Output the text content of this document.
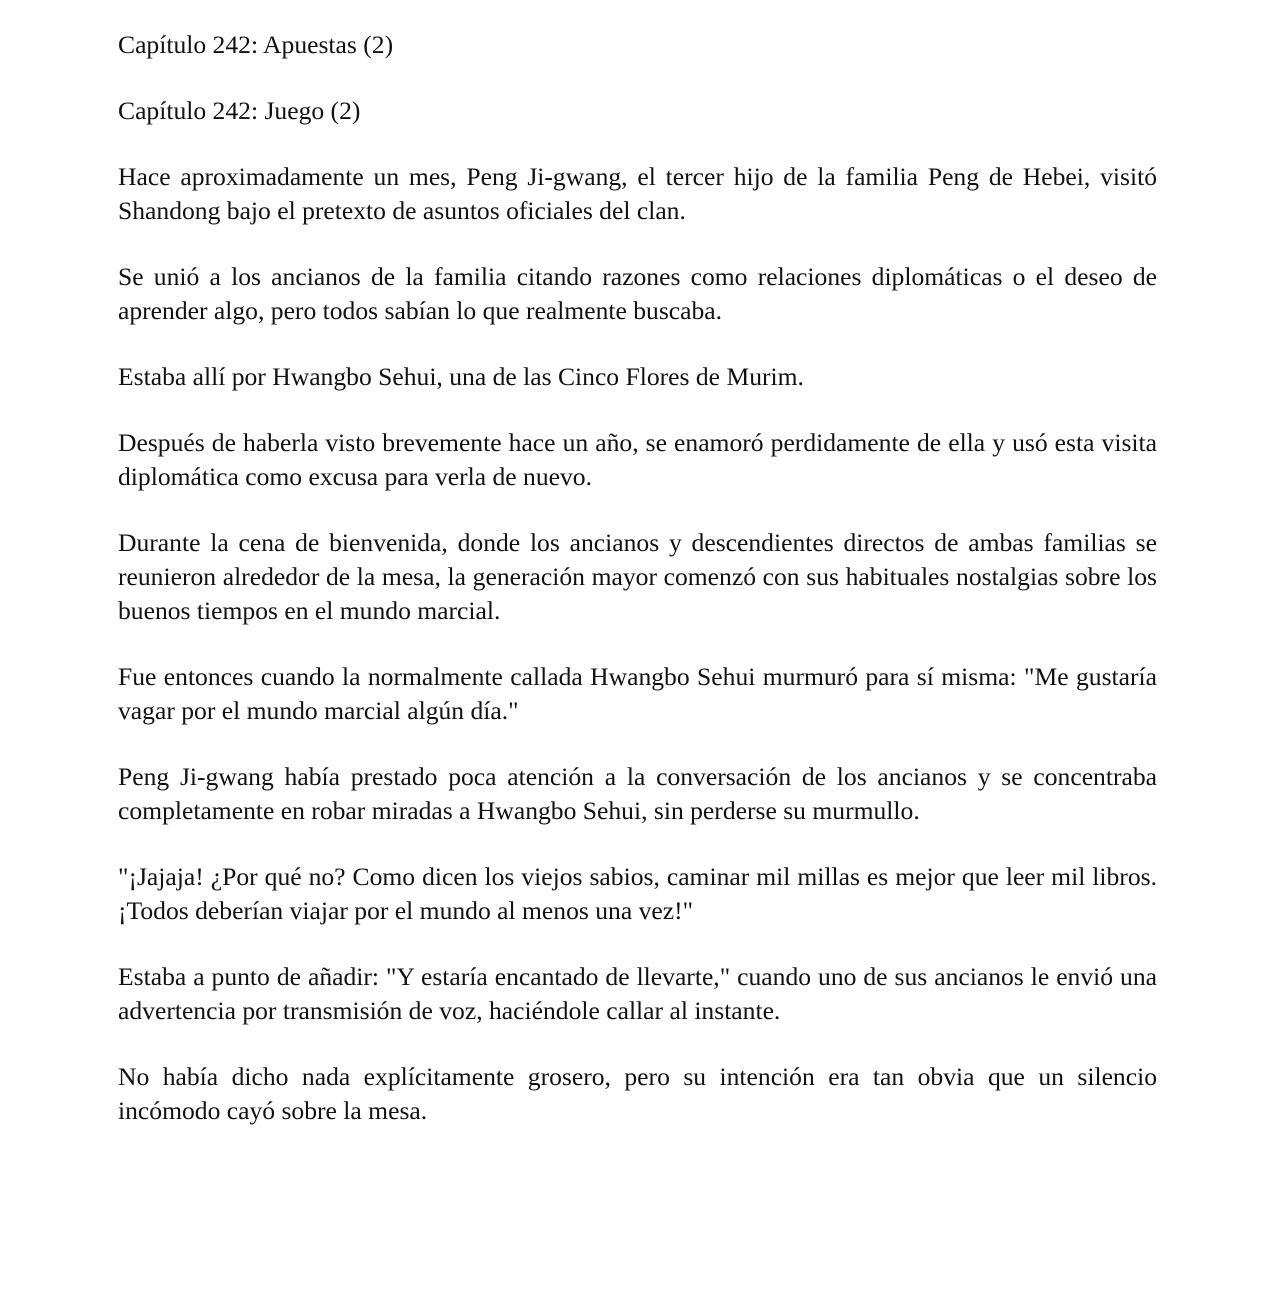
Capítulo 242: Apuestas (2)

Capítulo 242: Juego (2)

Hace aproximadamente un mes, Peng Ji-gwang, el tercer hijo de la familia Peng de Hebei, visitó Shandong bajo el pretexto de asuntos oficiales del clan.

Se unió a los ancianos de la familia citando razones como relaciones diplomáticas o el deseo de aprender algo, pero todos sabían lo que realmente buscaba.

Estaba allí por Hwangbo Sehui, una de las Cinco Flores de Murim.

Después de haberla visto brevemente hace un año, se enamoró perdidamente de ella y usó esta visita diplomática como excusa para verla de nuevo.

Durante la cena de bienvenida, donde los ancianos y descendientes directos de ambas familias se reunieron alrededor de la mesa, la generación mayor comenzó con sus habituales nostalgias sobre los buenos tiempos en el mundo marcial.

Fue entonces cuando la normalmente callada Hwangbo Sehui murmuró para sí misma: "Me gustaría vagar por el mundo marcial algún día."

Peng Ji-gwang había prestado poca atención a la conversación de los ancianos y se concentraba completamente en robar miradas a Hwangbo Sehui, sin perderse su murmullo.

"¡Jajaja! ¿Por qué no? Como dicen los viejos sabios, caminar mil millas es mejor que leer mil libros. ¡Todos deberían viajar por el mundo al menos una vez!"

Estaba a punto de añadir: "Y estaría encantado de llevarte," cuando uno de sus ancianos le envió una advertencia por transmisión de voz, haciéndole callar al instante.

No había dicho nada explícitamente grosero, pero su intención era tan obvia que un silencio incómodo cayó sobre la mesa.
